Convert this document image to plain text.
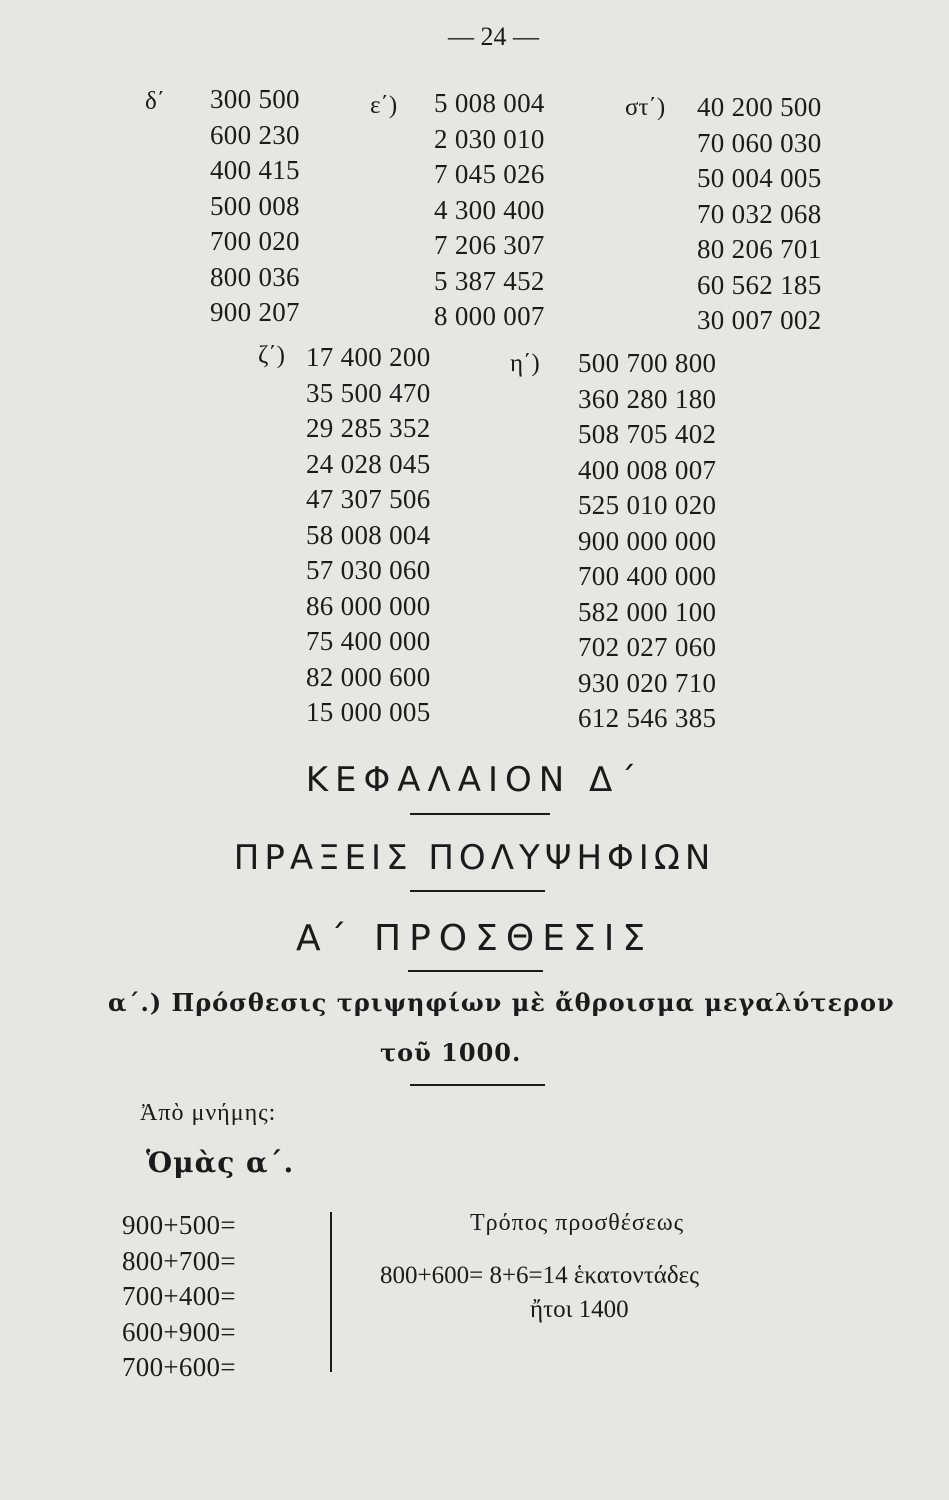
— 24 —
δ΄ 300 500
600 230
400 415
500 008
700 020
800 036
900 207
ε΄) 5 008 004
2 030 010
7 045 026
4 300 400
7 206 307
5 387 452
8 000 007
στ΄) 40 200 500
70 060 030
50 004 005
70 032 068
80 206 701
60 562 185
30 007 002
ζ΄) 17 400 200
35 500 470
29 285 352
24 028 045
47 307 506
58 008 004
57 030 060
86 000 000
75 400 000
82 000 600
15 000 005
η΄) 500 700 800
360 280 180
508 705 402
400 008 007
525 010 020
900 000 000
700 400 000
582 000 100
702 027 060
930 020 710
612 546 385
ΚΕΦΑΛΑΙΟΝ Δ΄
ΠΡΑΞΕΙΣ ΠΟΛΥΨΗΦΙΩΝ
Α΄ ΠΡΟΣΘΕΣΙΣ
α΄.) Πρόσθεσις τριψηφίων μὲ ἄθροισμα μεγαλύτερον
τοῦ 1000.
Ἀπὸ μνήμης:
Ὁμὰς α΄.
900+500=
800+700=
700+400=
600+900=
700+600=
Τρόπος προσθέσεως
800+600= 8+6=14 ἑκατοντάδες
ἤτοι 1400
